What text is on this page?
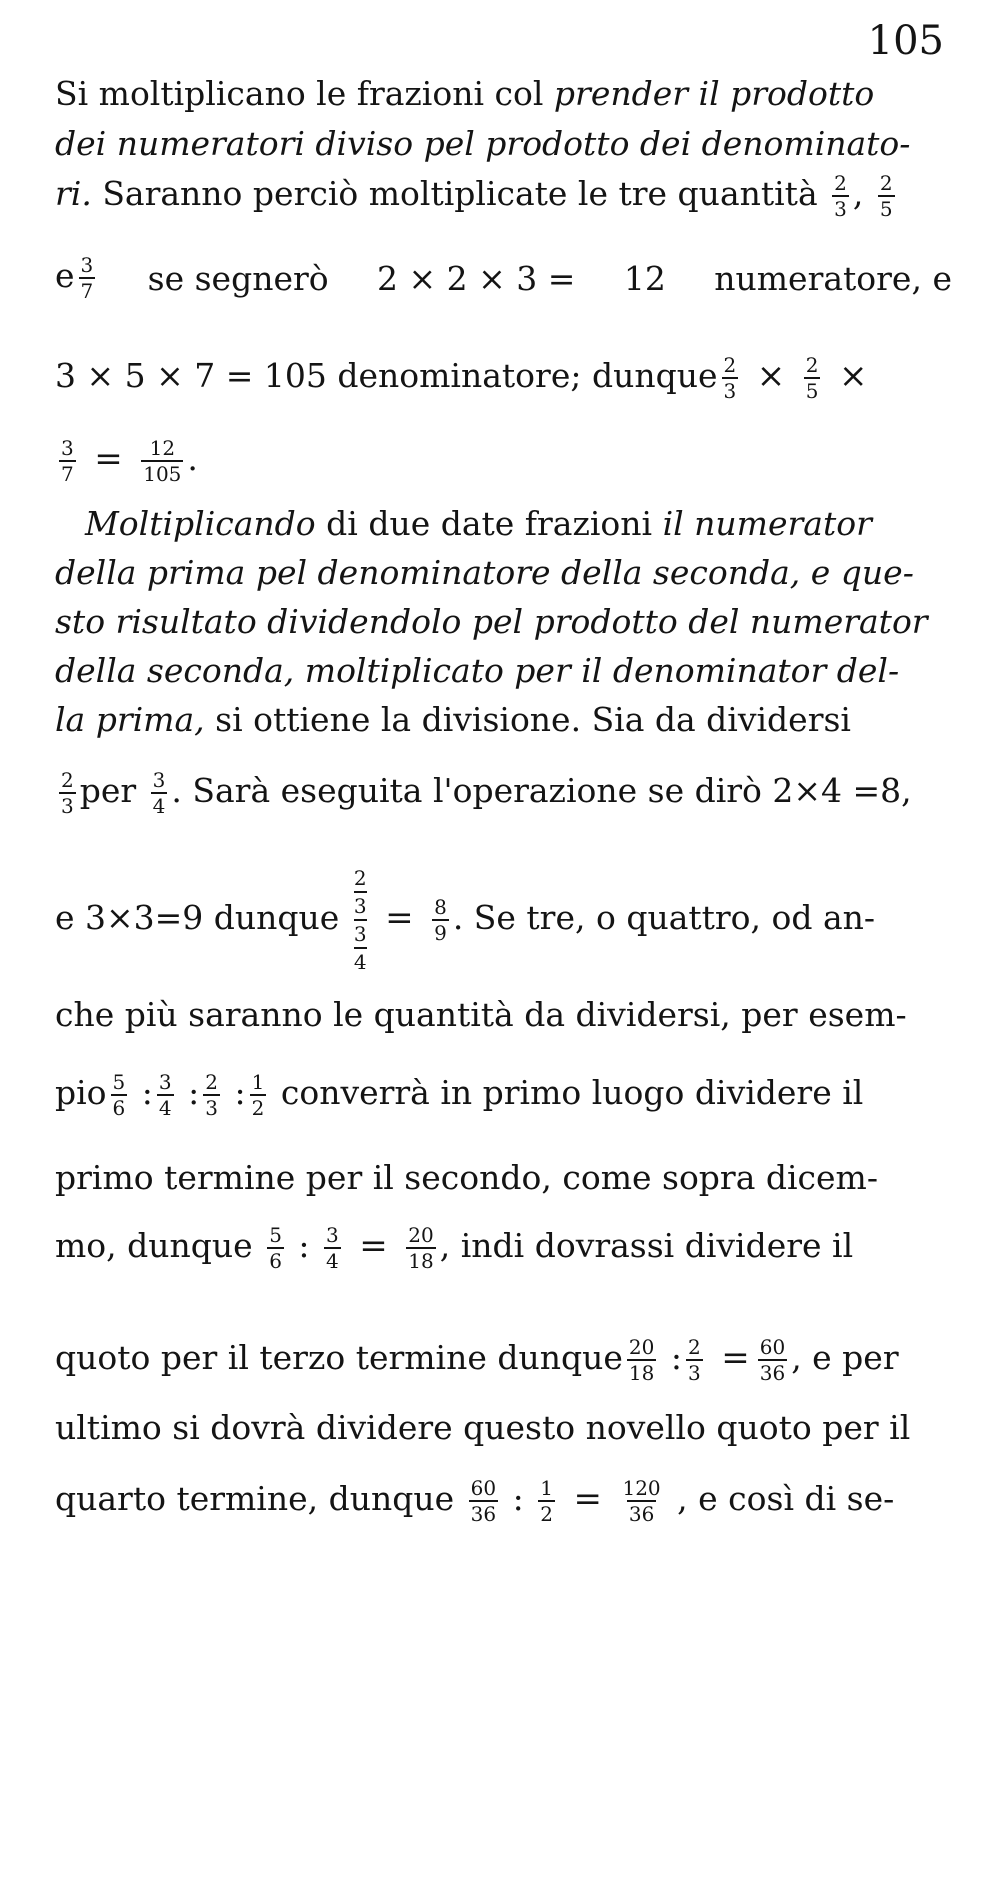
105
Si moltiplicano le frazioni col prender il prodotto
dei numeratori diviso pel prodotto dei denominato-
ri. Saranno perciò moltiplicate le tre quantità $\frac{2}{3}$ , $\frac{2}{5}$
e $\frac{3}{7}$ se segnerò 2 × 2 × 3 = 12 numeratore, e
3 × 5 × 7 = 105 denominatore; dunque $\frac{2}{3} \times \frac{2}{5}$ ×
$\frac{3}{7} = \frac{12}{105}$ .
Moltiplicando di due date frazioni il numerator
della prima pel denominatore della seconda, e que-
sto risultato dividendolo pel prodotto del numerator
della seconda, moltiplicato per il denominator del-
la prima, si ottiene la divisione. Sia da dividersi
$\frac{2}{3}$ per $\frac{3}{4}$ . Sarà eseguita l'operazione se dirò 2×4 =8,
e 3×3=9 dunque
2
3
3
4
= $\frac{8}{9}$ . Se tre, o quattro, od an-
che più saranno le quantità da dividersi, per esem-
pio $\frac{5}{6}$ : $\frac{3}{4}$ : $\frac{2}{3}$ : $\frac{1}{2}$ converrà in primo luogo dividere il
primo termine per il secondo, come sopra dicem-
mo, dunque $\frac{5}{6}$ : $\frac{3}{4} = \frac{20}{18}$ , indi dovrassi dividere il
quoto per il terzo termine dunque $\frac{20}{18}$ : $\frac{2}{3} = \frac{60}{36}$ , e per
ultimo si dovrà dividere questo novello quoto per il
quarto termine, dunque $\frac{60}{36}$ : $\frac{1}{2} = \frac{120}{36}$ , e così di se-
